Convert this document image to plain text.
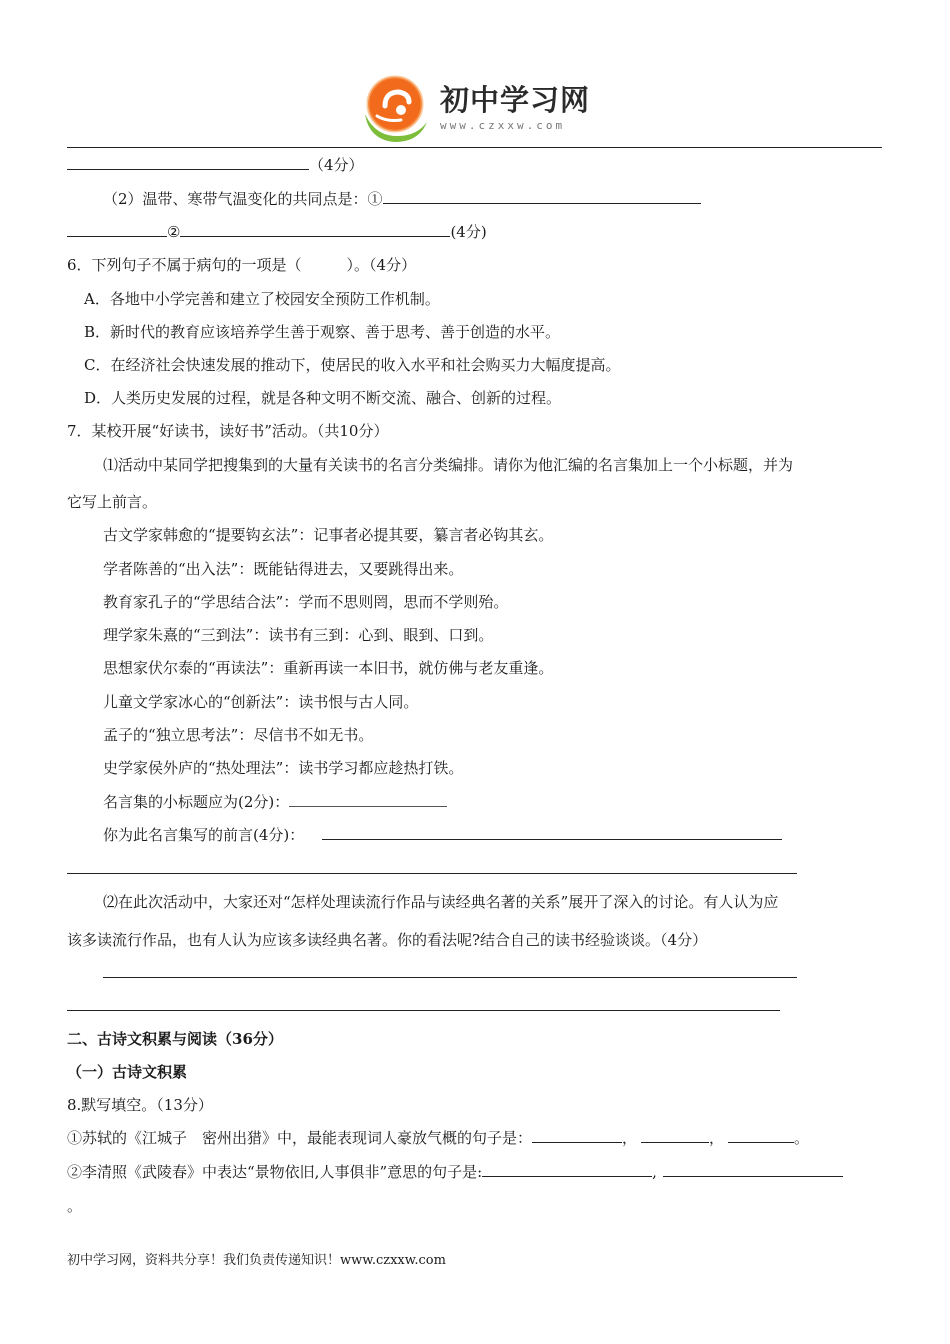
初中学习网
www.czxxw.com
（4分）
（2）温带、寒带气温变化的共同点是：①
②	(4分)
6．下列句子不属于病句的一项是（　　　）。（4分）
A．各地中小学完善和建立了校园安全预防工作机制。
B．新时代的教育应该培养学生善于观察、善于思考、善于创造的水平。
C．在经济社会快速发展的推动下，使居民的收入水平和社会购买力大幅度提高。
D．人类历史发展的过程，就是各种文明不断交流、融合、创新的过程。
7．某校开展“好读书，读好书”活动。（共10分）
⑴活动中某同学把搜集到的大量有关读书的名言分类编排。请你为他汇编的名言集加上一个小标题，并为
它写上前言。
古文学家韩愈的“提要钩玄法”：记事者必提其要，纂言者必钩其玄。
学者陈善的“出入法”：既能钻得进去，又要跳得出来。
教育家孔子的“学思结合法”：学而不思则罔，思而不学则殆。
理学家朱熹的“三到法”：读书有三到：心到、眼到、口到。
思想家伏尔泰的“再读法”：重新再读一本旧书，就仿佛与老友重逢。
儿童文学家冰心的“创新法”：读书恨与古人同。
孟子的“独立思考法”：尽信书不如无书。
史学家侯外庐的“热处理法”：读书学习都应趁热打铁。
名言集的小标题应为(2分)：
你为此名言集写的前言(4分)：
⑵在此次活动中，大家还对“怎样处理读流行作品与读经典名著的关系”展开了深入的讨论。有人认为应
该多读流行作品，也有人认为应该多读经典名著。你的看法呢?结合自己的读书经验谈谈。（4分）
二、古诗文积累与阅读（36分）
（一）古诗文积累
8.默写填空。（13分）
①苏轼的《江城子　密州出猎》中，最能表现词人豪放气概的句子是：	，	，	。
②李清照《武陵春》中表达“景物依旧,人事俱非”意思的句子是:	,
。
初中学习网，资料共分享！我们负责传递知识！www.czxxw.com
